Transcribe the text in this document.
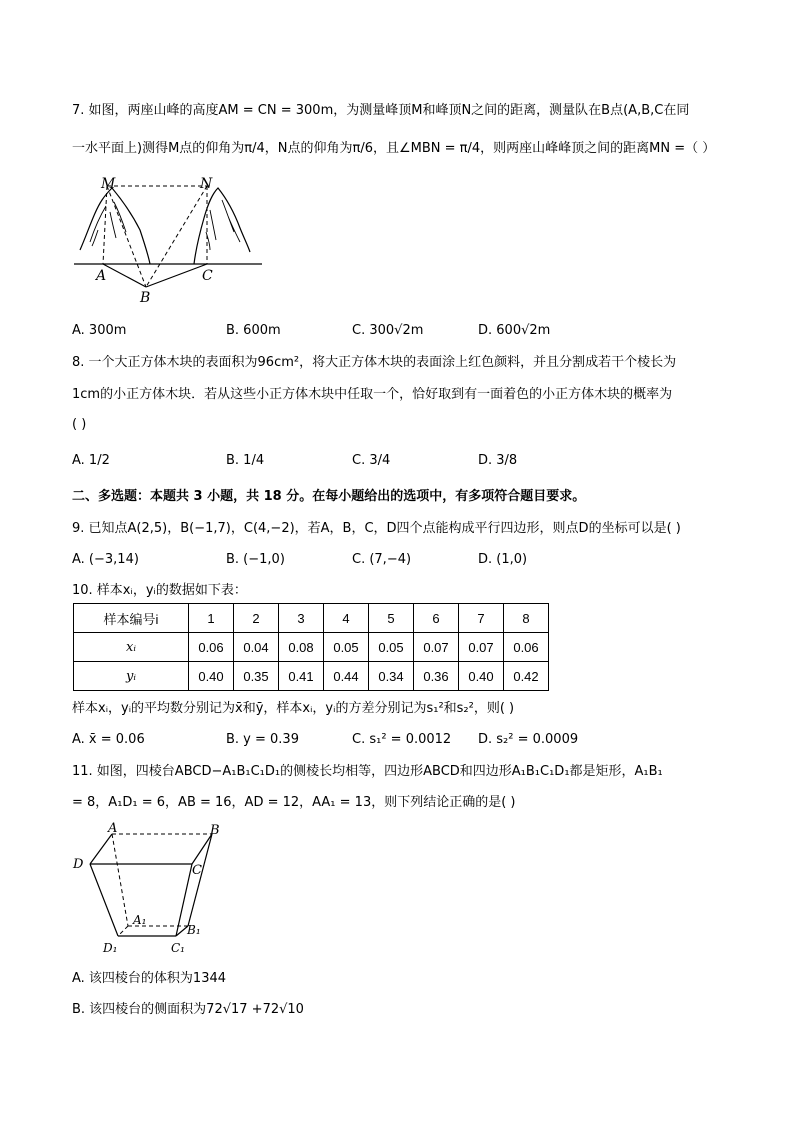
7. 如图，两座山峰的高度AM = CN = 300m，为测量峰顶M和峰顶N之间的距离，测量队在B点(A,B,C在同
一水平面上)测得M点的仰角为π/4，N点的仰角为π/6，且∠MBN = π/4，则两座山峰峰顶之间的距离MN =（ ）
M	N
A	C
B
A. 300m	B. 600m	C. 300√2m	D. 600√2m
8. 一个大正方体木块的表面积为96cm²，将大正方体木块的表面涂上红色颜料，并且分割成若干个棱长为
1cm的小正方体木块．若从这些小正方体木块中任取一个，恰好取到有一面着色的小正方体木块的概率为
( )
A. 1/2	B. 1/4	C. 3/4	D. 3/8
二、多选题：本题共 3 小题，共 18 分。在每小题给出的选项中，有多项符合题目要求。
9. 已知点A(2,5)，B(−1,7)，C(4,−2)，若A，B，C，D四个点能构成平行四边形，则点D的坐标可以是( )
A. (−3,14)	B. (−1,0)	C. (7,−4)	D. (1,0)
10. 样本xᵢ，yᵢ的数据如下表：
样本编号i	1	2	3	4	5	6	7	8
xᵢ	0.06	0.04	0.08	0.05	0.05	0.07	0.07	0.06
yᵢ	0.40	0.35	0.41	0.44	0.34	0.36	0.40	0.42
样本xᵢ，yᵢ的平均数分别记为x̄和ȳ，样本xᵢ，yᵢ的方差分别记为s₁²和s₂²，则( )
A. x̄ = 0.06	B. y = 0.39	C. s₁² = 0.0012 D. s₂² = 0.0009
11. 如图，四棱台ABCD−A₁B₁C₁D₁的侧棱长均相等，四边形ABCD和四边形A₁B₁C₁D₁都是矩形，A₁B₁
= 8，A₁D₁ = 6，AB = 16，AD = 12，AA₁ = 13，则下列结论正确的是( )
A	B
D	C
A₁
B₁
D₁	C₁
A. 该四棱台的体积为1344
B. 该四棱台的侧面积为72√17 +72√10
